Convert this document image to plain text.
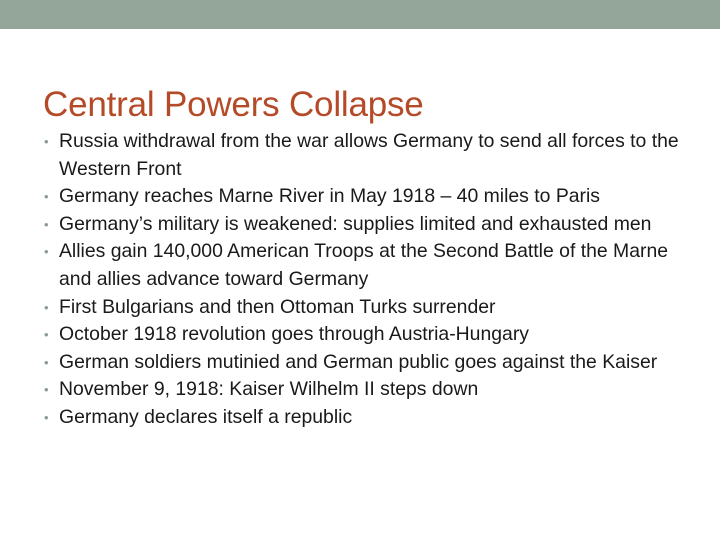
Central Powers Collapse
• Russia withdrawal from the war allows Germany to send all forces to the Western Front
• Germany reaches Marne River in May 1918 – 40 miles to Paris
• Germany’s military is weakened: supplies limited and exhausted men
• Allies gain 140,000 American Troops at the Second Battle of the Marne and allies advance toward Germany
• First Bulgarians and then Ottoman Turks surrender
• October 1918 revolution goes through Austria-Hungary
• German soldiers mutinied and German public goes against the Kaiser
• November 9, 1918: Kaiser Wilhelm II steps down
• Germany declares itself a republic
